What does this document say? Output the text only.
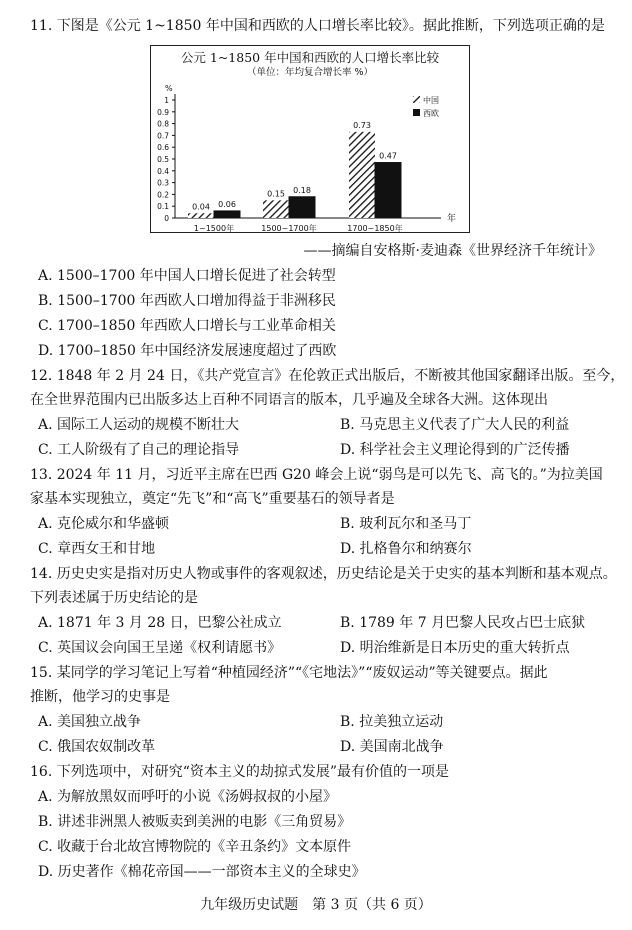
11. 下图是《公元 1~1850 年中国和西欧的人口增长率比较》。据此推断，下列选项正确的是
公元 1~1850 年中国和西欧的人口增长率比较
（单位：年均复合增长率 %）
%
年
0
0.1
0.2
0.3
0.4
0.5
0.6
0.7
0.8
0.9
1
0.04 0.06
1~1500年
0.15 0.18
1500~1700年
0.73
0.47
1700~1850年
中国
西欧
——摘编自安格斯·麦迪森《世界经济千年统计》
A. 1500–1700 年中国人口增长促进了社会转型
B. 1500–1700 年西欧人口增加得益于非洲移民
C. 1700–1850 年西欧人口增长与工业革命相关
D. 1700–1850 年中国经济发展速度超过了西欧
12. 1848 年 2 月 24 日，《共产党宣言》在伦敦正式出版后，不断被其他国家翻译出版。至今，
在全世界范围内已出版多达上百种不同语言的版本，几乎遍及全球各大洲。这体现出
A. 国际工人运动的规模不断壮大	B. 马克思主义代表了广大人民的利益
C. 工人阶级有了自己的理论指导	D. 科学社会主义理论得到的广泛传播
13. 2024 年 11 月，习近平主席在巴西 G20 峰会上说“弱鸟是可以先飞、高飞的。”为拉美国
家基本实现独立，奠定“先飞”和“高飞”重要基石的领导者是
A. 克伦威尔和华盛顿	B. 玻利瓦尔和圣马丁
C. 章西女王和甘地	D. 扎格鲁尔和纳赛尔
14. 历史史实是指对历史人物或事件的客观叙述，历史结论是关于史实的基本判断和基本观点。
下列表述属于历史结论的是
A. 1871 年 3 月 28 日，巴黎公社成立	B. 1789 年 7 月巴黎人民攻占巴士底狱
C. 英国议会向国王呈递《权利请愿书》	D. 明治维新是日本历史的重大转折点
15. 某同学的学习笔记上写着“种植园经济”“《宅地法》”“废奴运动”等关键要点。据此
推断，他学习的史事是
A. 美国独立战争	B. 拉美独立运动
C. 俄国农奴制改革	D. 美国南北战争
16. 下列选项中，对研究“资本主义的劫掠式发展”最有价值的一项是
A. 为解放黑奴而呼吁的小说《汤姆叔叔的小屋》
B. 讲述非洲黑人被贩卖到美洲的电影《三角贸易》
C. 收藏于台北故宫博物院的《辛丑条约》文本原件
D. 历史著作《棉花帝国——一部资本主义的全球史》
九年级历史试题　第 3 页（共 6 页）
